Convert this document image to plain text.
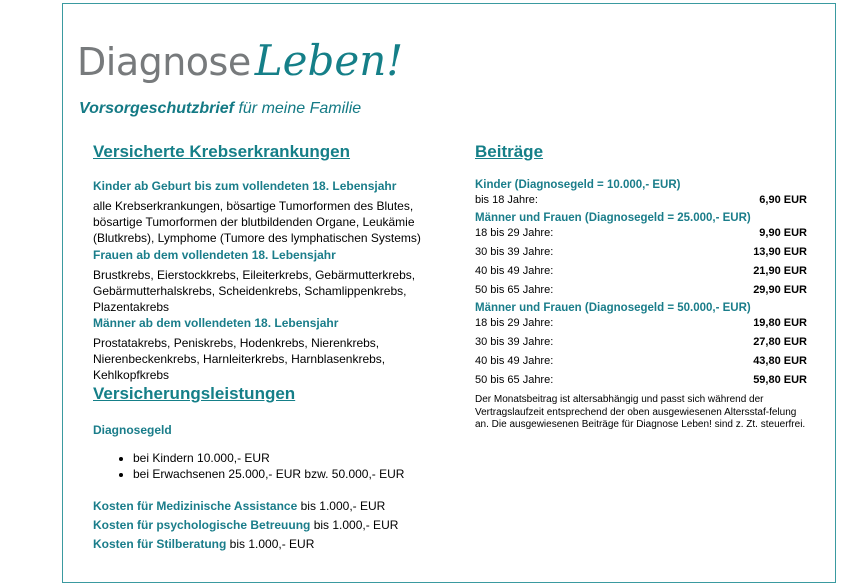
DiagnoseLeben!
Vorsorgeschutzbrief für meine Familie
Versicherte Krebserkrankungen

Kinder ab Geburt bis zum vollendeten 18. Lebensjahr

alle Krebserkrankungen, bösartige Tumorformen des Blutes, bösartige Tumorformen der blutbildenden Organe, Leukämie (Blutkrebs), Lymphome (Tumore des lymphatischen Systems)

Frauen ab dem vollendeten 18. Lebensjahr

Brustkrebs, Eierstockkrebs, Eileiterkrebs, Gebärmutterkrebs, Gebärmutterhalskrebs, Scheidenkrebs, Schamlippenkrebs, Plazentakrebs

Männer ab dem vollendeten 18. Lebensjahr

Prostatakrebs, Peniskrebs, Hodenkrebs, Nierenkrebs, Nierenbeckenkrebs, Harnleiterkrebs, Harnblasenkrebs, Kehlkopfkrebs

Versicherungsleistungen

Diagnosegeld

• bei Kindern 10.000,- EUR
• bei Erwachsenen 25.000,- EUR bzw. 50.000,- EUR

Kosten für Medizinische Assistance bis 1.000,- EUR

Kosten für psychologische Betreuung bis 1.000,- EUR

Kosten für Stilberatung bis 1.000,- EUR

Beiträge

Kinder (Diagnosegeld = 10.000,- EUR)

bis 18 Jahre:	6,90 EUR

Männer und Frauen (Diagnosegeld = 25.000,- EUR)

18 bis 29 Jahre:	9,90 EUR
30 bis 39 Jahre:	13,90 EUR
40 bis 49 Jahre:	21,90 EUR
50 bis 65 Jahre:	29,90 EUR

Männer und Frauen (Diagnosegeld = 50.000,- EUR)

18 bis 29 Jahre:	19,80 EUR
30 bis 39 Jahre:	27,80 EUR
40 bis 49 Jahre:	43,80 EUR
50 bis 65 Jahre:	59,80 EUR

Der Monatsbeitrag ist altersabhängig und passt sich während der Vertragslaufzeit entsprechend der oben ausgewiesenen Altersstaf-felung an. Die ausgewiesenen Beiträge für Diagnose Leben! sind z. Zt. steuerfrei.
